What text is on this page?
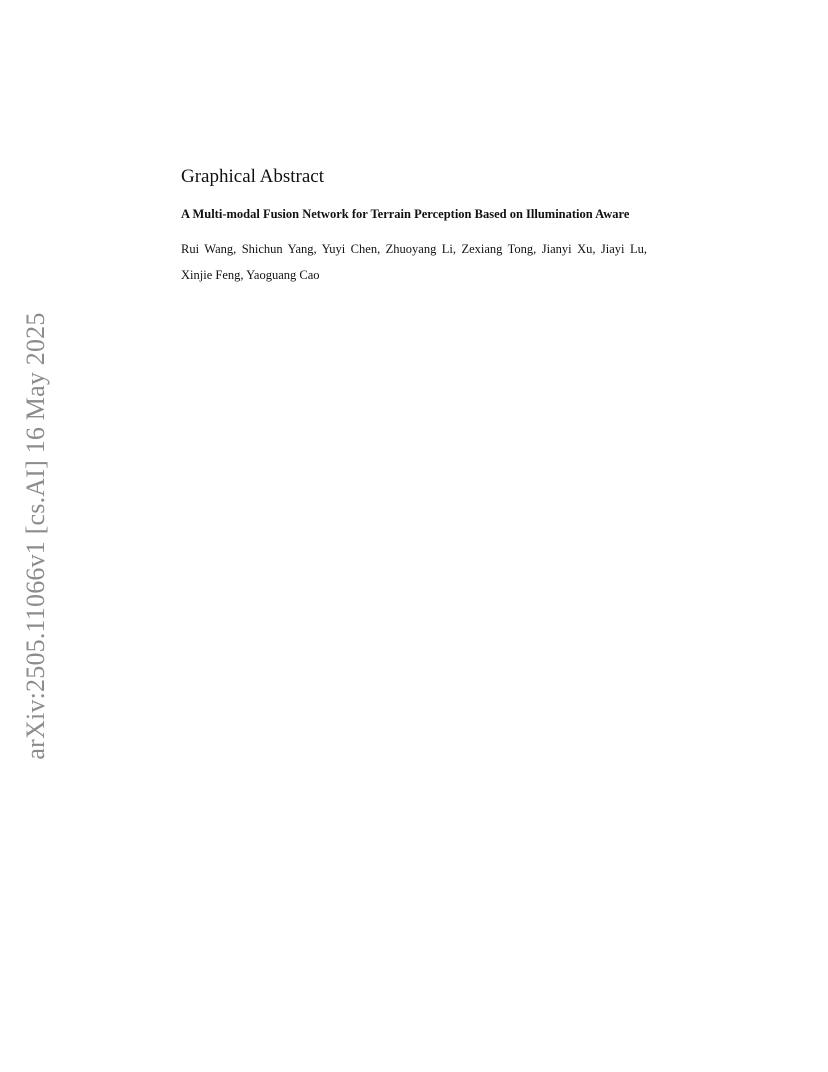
arXiv:2505.11066v1 [cs.AI] 16 May 2025
Graphical Abstract

A Multi-modal Fusion Network for Terrain Perception Based on Illumination Aware

Rui Wang, Shichun Yang, Yuyi Chen, Zhuoyang Li, Zexiang Tong, Jianyi Xu, Jiayi Lu, Xinjie Feng, Yaoguang Cao
